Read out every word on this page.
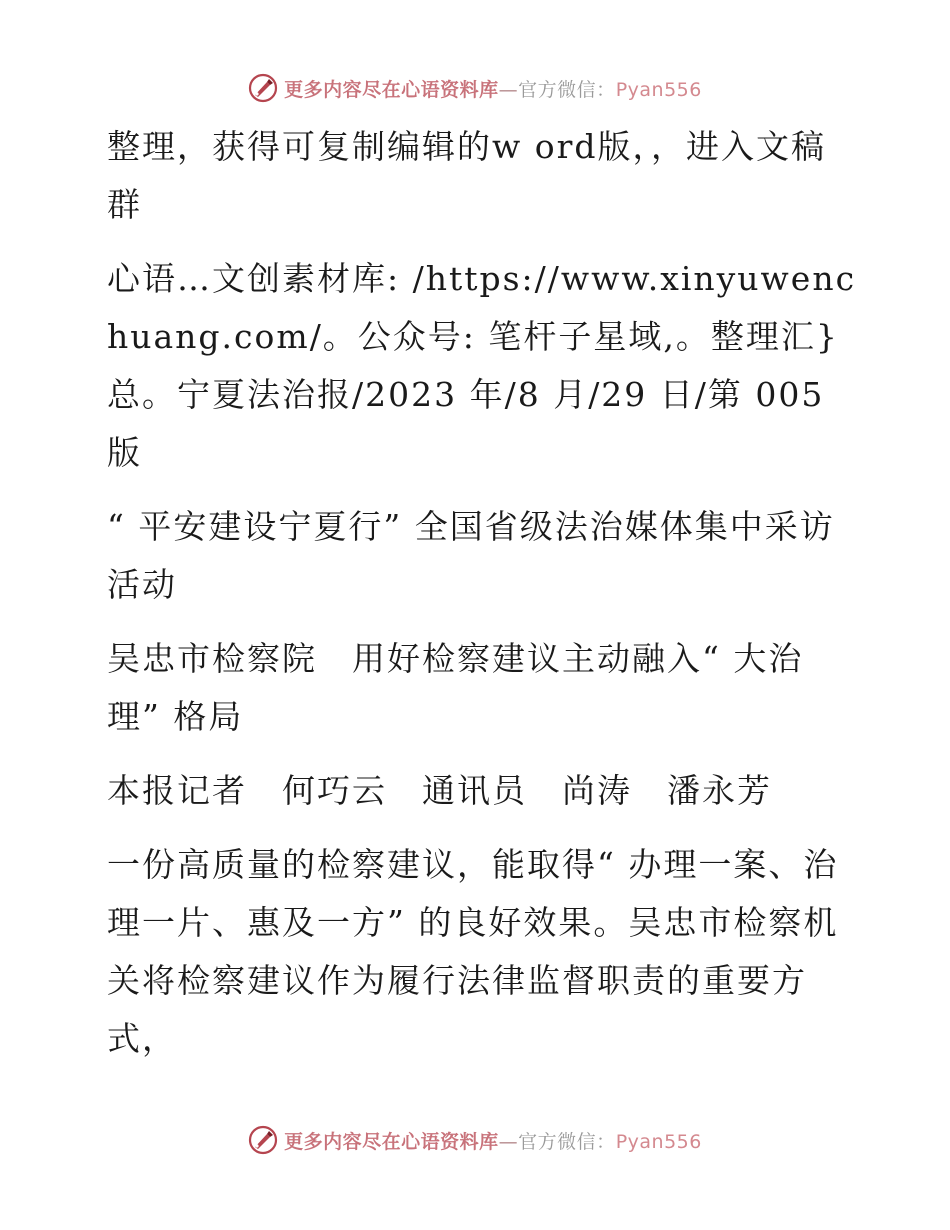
更多内容尽在心语资料库—官方微信：Pyan556

整理，获得可复制编辑的w ord版，，进入文稿群

心语…文创素材库: /https://www.xinyuwenchuang.com/。公众号: 笔杆子星域,。整理汇}总。宁夏法治报/2023 年/8 月/29 日/第 005 版

“ 平安建设宁夏行” 全国省级法治媒体集中采访活动

吴忠市检察院　用好检察建议主动融入“ 大治理” 格局

本报记者　何巧云　通讯员　尚涛　潘永芳

一份高质量的检察建议，能取得“ 办理一案、治理一片、惠及一方” 的良好效果。吴忠市检察机关将检察建议作为履行法律监督职责的重要方式，

更多内容尽在心语资料库—官方微信：Pyan556
